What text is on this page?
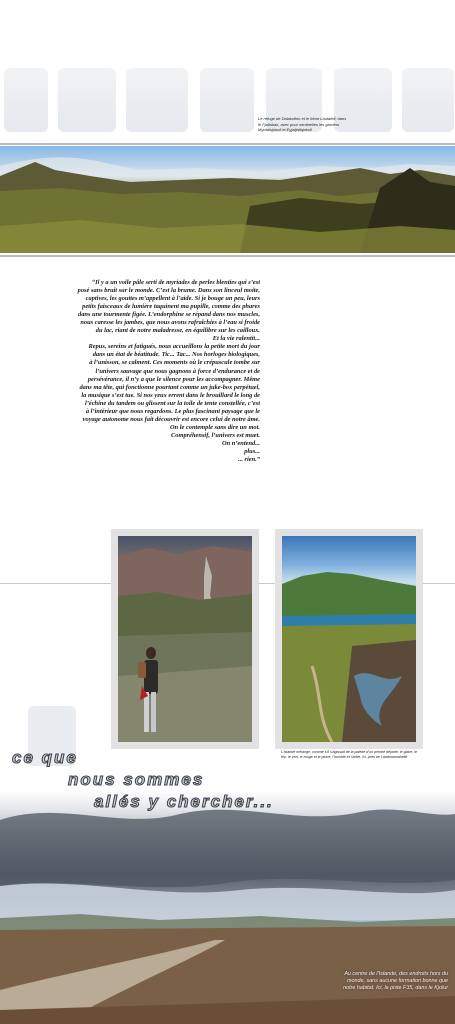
Le refuge de Dalakofinn et le Mont Laufafell; dans le Fjallabak, avec pour sentinelles les glaciers Myrdalsjokull et Eyjafjallajokull
“Il y a un voile pâle serti de myriades de perles blenties qui s’est
posé sans bruit sur le monde. C’est la brume. Dans son linceul moite,
captives, les gouttes m’appellent à l’aide. Si je bouge un peu, leurs
petits faisceaux de lumière taquinent ma pupille, comme des phares
dans une tourmente figée. L’endorphine se répand dans nos muscles,
nous caresse les jambes, que nous avons rafraîchies à l’eau si froide
du lac, riant de notre maladresse, en équilibre sur les cailloux.
Et la vie ralentit...
Repus, sereins et fatigués, nous accueillons la petite mort du jour
dans un état de béatitude. Tic... Tac... Nos horloges biologiques,
à l’unisson, se calment. Ces moments où le crépuscule tombe sur
l’univers sauvage que nous gagnons à force d’endurance et de
persévérance, il n’y a que le silence pour les accompagner. Même
dans ma tête, qui fonctionne pourtant comme un juke-box perpétuel,
la musique s’est tue. Si nos yeux errent dans le brouillard le long de
l’échine du tandem ou glissent sur la toile de tente constellée, c’est
à l’intérieur que nous regardons. Le plus fascinant paysage que le
voyage autonome nous fait découvrir est encore celui de notre âme.
On le contemple sans dire un mot.
Compréhensif, l’univers est muet.
On n’entend...
plus...
... rien.”
L’Islande mélange, comme s’il s’agissait de la palette d’un peintre déjanté, le glace, le feu, le vert, le rouge et le jaune, l’humide et l’aride. Ici, près de Landmannahellir
ce que
nous sommes
allés y chercher...
Au centre de l’Islande, des endroits hors du monde, sans aucune formation bonne que notre habitat. Ici, la piste F35, dans le Kjolur
